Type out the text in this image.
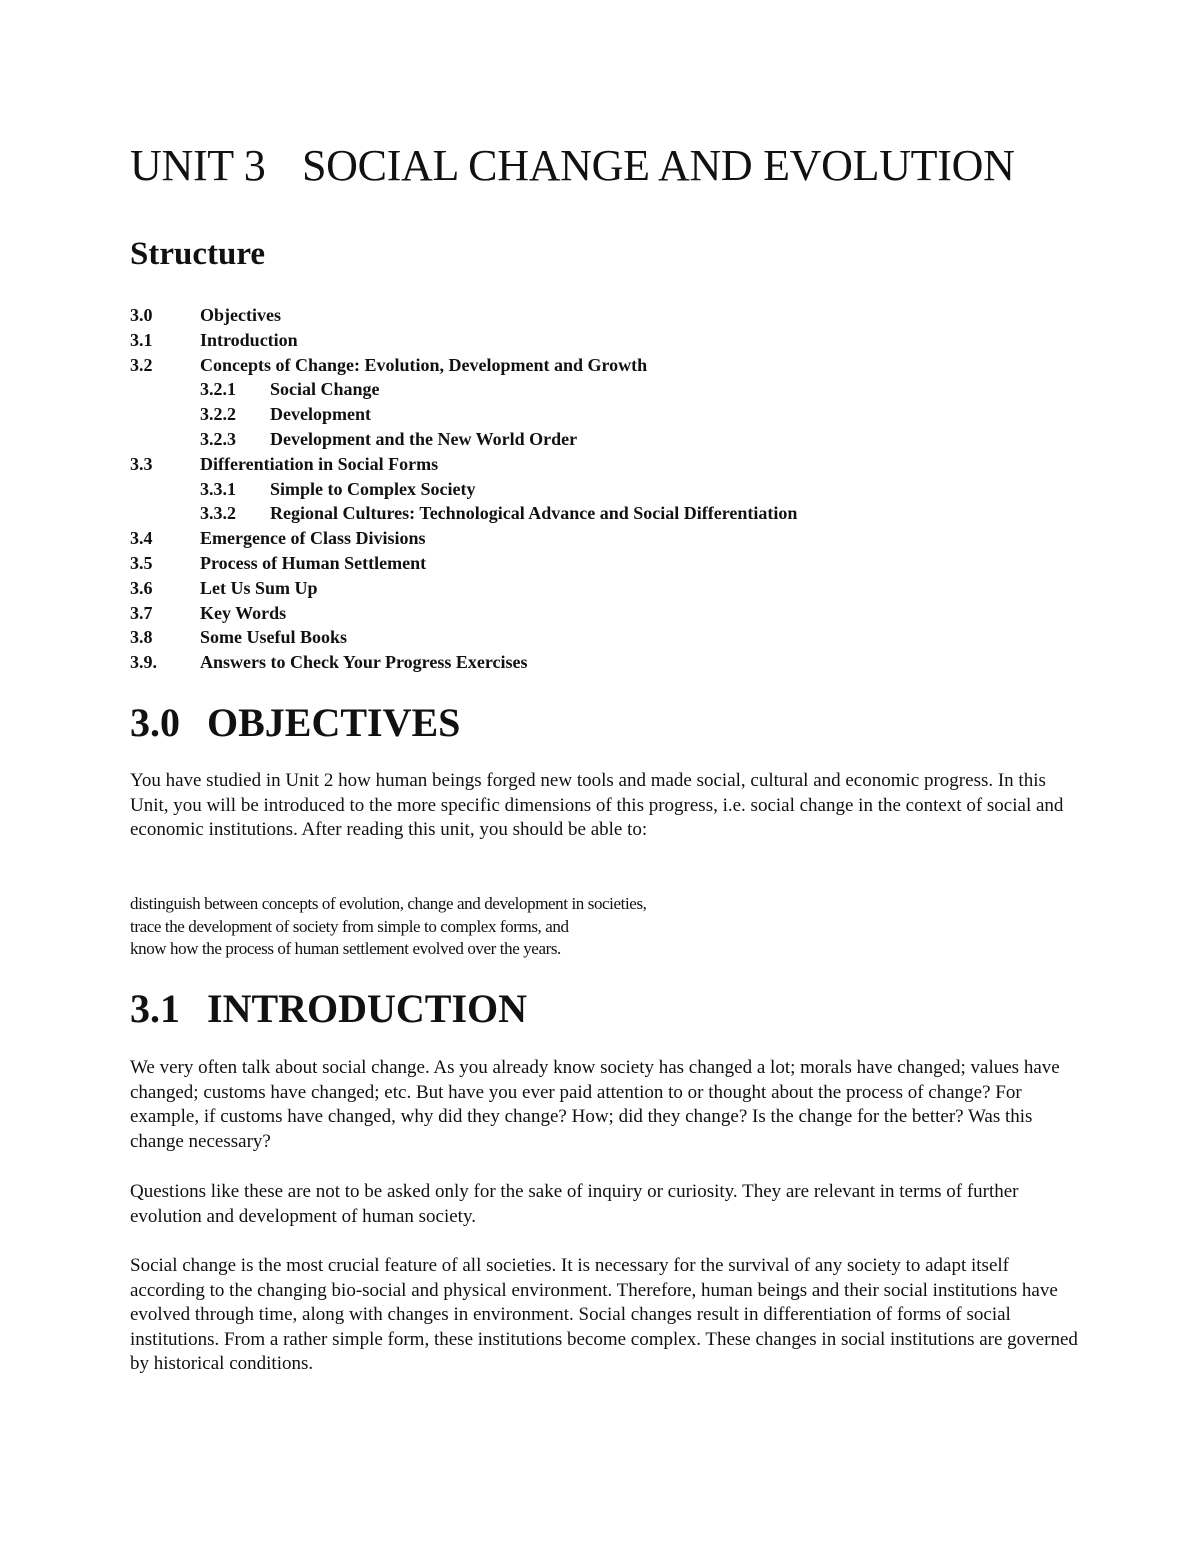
UNIT 3 SOCIAL CHANGE AND EVOLUTION
Structure
3.0	Objectives
3.1	Introduction
3.2	Concepts of Change: Evolution, Development and Growth
3.2.1 Social Change
3.2.2 Development
3.2.3 Development and the New World Order
3.3	Differentiation in Social Forms
3.3.1 Simple to Complex Society
3.3.2 Regional Cultures: Technological Advance and Social Differentiation
3.4	Emergence of Class Divisions
3.5	Process of Human Settlement
3.6	Let Us Sum Up
3.7	Key Words
3.8	Some Useful Books
3.9. Answers to Check Your Progress Exercises
3.0 OBJECTIVES

You have studied in Unit 2 how human beings forged new tools and made social, cultural and economic progress. In this Unit, you will be introduced to the more specific dimensions of this progress, i.e. social change in the context of social and economic institutions. After reading this unit, you should be able to:

distinguish between concepts of evolution, change and development in societies,
trace the development of society from simple to complex forms, and
know how the process of human settlement evolved over the years.
3.1 INTRODUCTION

We very often talk about social change. As you already know society has changed a lot; morals have changed; values have changed; customs have changed; etc. But have you ever paid attention to or thought about the process of change? For example, if customs have changed, why did they change? How; did they change? Is the change for the better? Was this change necessary?

Questions like these are not to be asked only for the sake of inquiry or curiosity. They are relevant in terms of further evolution and development of human society.

Social change is the most crucial feature of all societies. It is necessary for the survival of any society to adapt itself according to the changing bio-social and physical environment. Therefore, human beings and their social institutions have evolved through time, along with changes in environment. Social changes result in differentiation of forms of social institutions. From a rather simple form, these institutions become complex. These changes in social institutions are governed by historical conditions.
